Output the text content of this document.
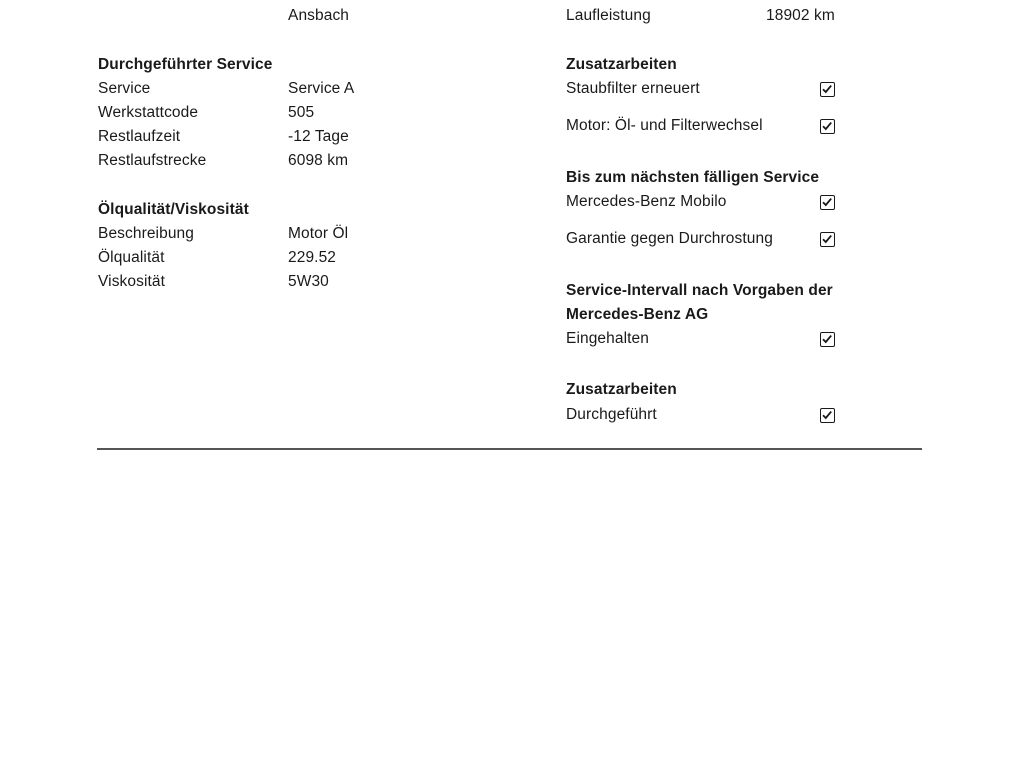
Ansbach	Laufleistung	18902 km
Durchgeführter Service
Service	Service A
Werkstattcode	505
Restlaufzeit	-12 Tage
Restlaufstrecke	6098 km
Ölqualität/Viskosität
Beschreibung	Motor Öl
Ölqualität	229.52
Viskosität	5W30
Zusatzarbeiten
Staubfilter erneuert
Motor: Öl- und Filterwechsel
Bis zum nächsten fälligen Service
Mercedes-Benz Mobilo
Garantie gegen Durchrostung
Service-Intervall nach Vorgaben der
Mercedes-Benz AG
Eingehalten
Zusatzarbeiten
Durchgeführt
